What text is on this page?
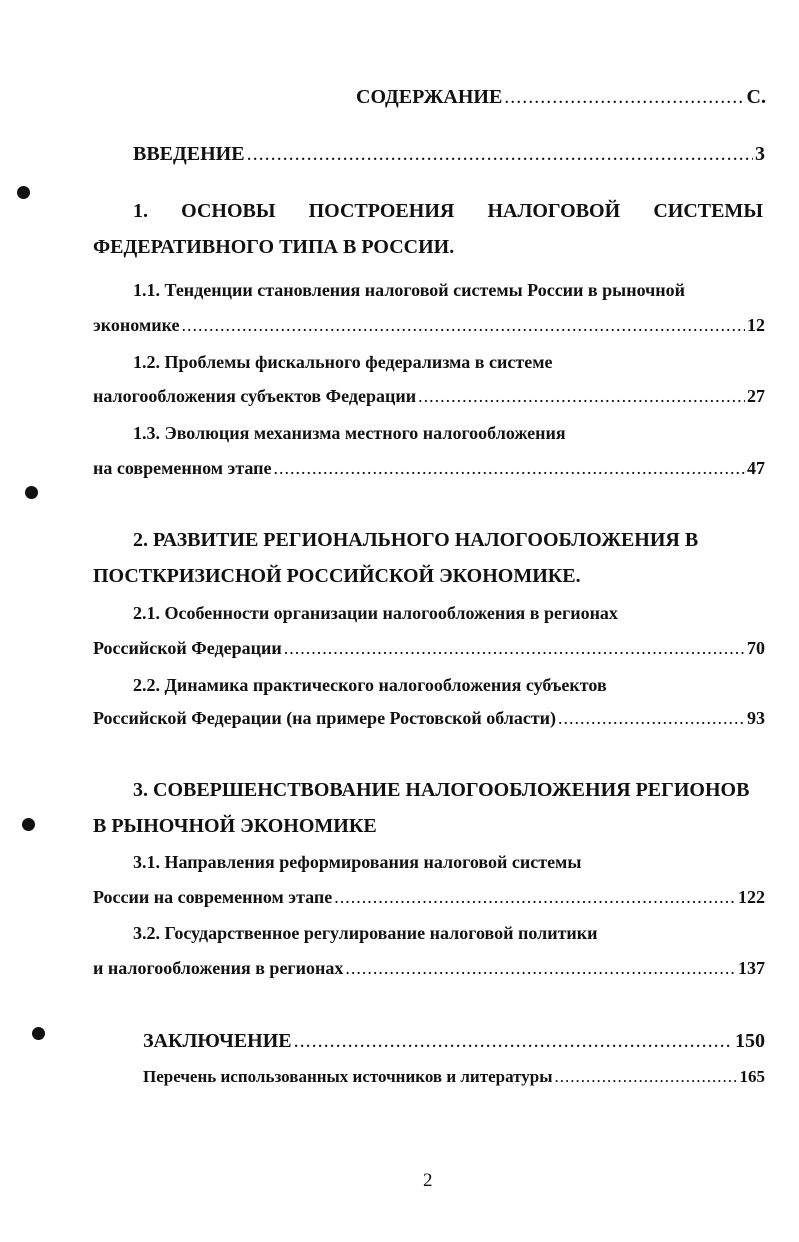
СОДЕРЖАНИЕ .....	С.
ВВЕДЕНИЕ .....	3
1. ОСНОВЫ ПОСТРОЕНИЯ НАЛОГОВОЙ СИСТЕМЫ
ФЕДЕРАТИВНОГО ТИПА В РОССИИ.
1.1. Тенденции становления налоговой системы России в рыночной
экономике .....	12
1.2. Проблемы фискального федерализма в системе
налогообложения субъектов Федерации .....	27
1.3. Эволюция механизма местного налогообложения
на современном этапе .....	47
2. РАЗВИТИЕ РЕГИОНАЛЬНОГО НАЛОГООБЛОЖЕНИЯ В
ПОСТКРИЗИСНОЙ РОССИЙСКОЙ ЭКОНОМИКЕ.
2.1. Особенности организации налогообложения в регионах
Российской Федерации .....	70
2.2. Динамика практического налогообложения субъектов
Российской Федерации (на примере Ростовской области) .....	93
3. СОВЕРШЕНСТВОВАНИЕ НАЛОГООБЛОЖЕНИЯ РЕГИОНОВ
В РЫНОЧНОЙ ЭКОНОМИКЕ
3.1. Направления реформирования налоговой системы
России на современном этапе .....	122
3.2. Государственное регулирование налоговой политики
и налогообложения в регионах .....	137
ЗАКЛЮЧЕНИЕ .....	150
Перечень использованных источников и литературы .....	165
2
